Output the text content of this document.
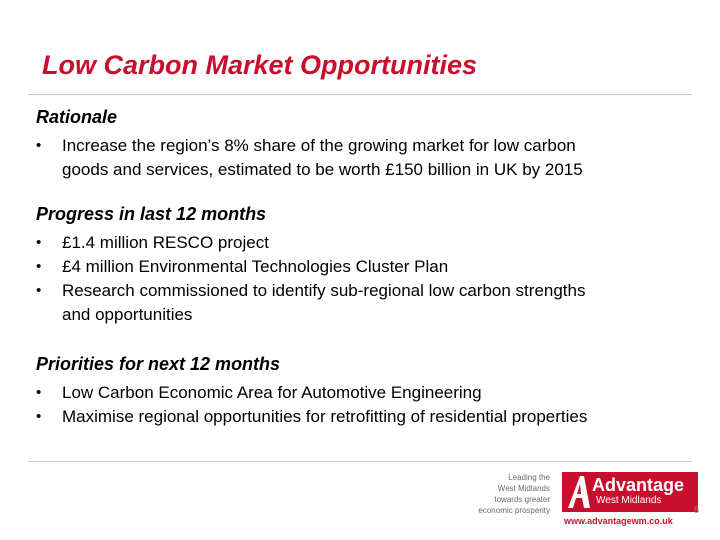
Low Carbon Market Opportunities
Rationale
• Increase the region’s 8% share of the growing market for low carbon
goods and services, estimated to be worth £150 billion in UK by 2015
Progress in last 12 months
• £1.4 million RESCO project
• £4 million Environmental Technologies Cluster Plan
• Research commissioned to identify sub-regional low carbon strengths
and opportunities
Priorities for next 12 months
• Low Carbon Economic Area for Automotive Engineering
• Maximise regional opportunities for retrofitting of residential properties
Leading the
West Midlands
towards greater
economic prosperity
Advantage
West Midlands
www.advantagewm.co.uk
5
